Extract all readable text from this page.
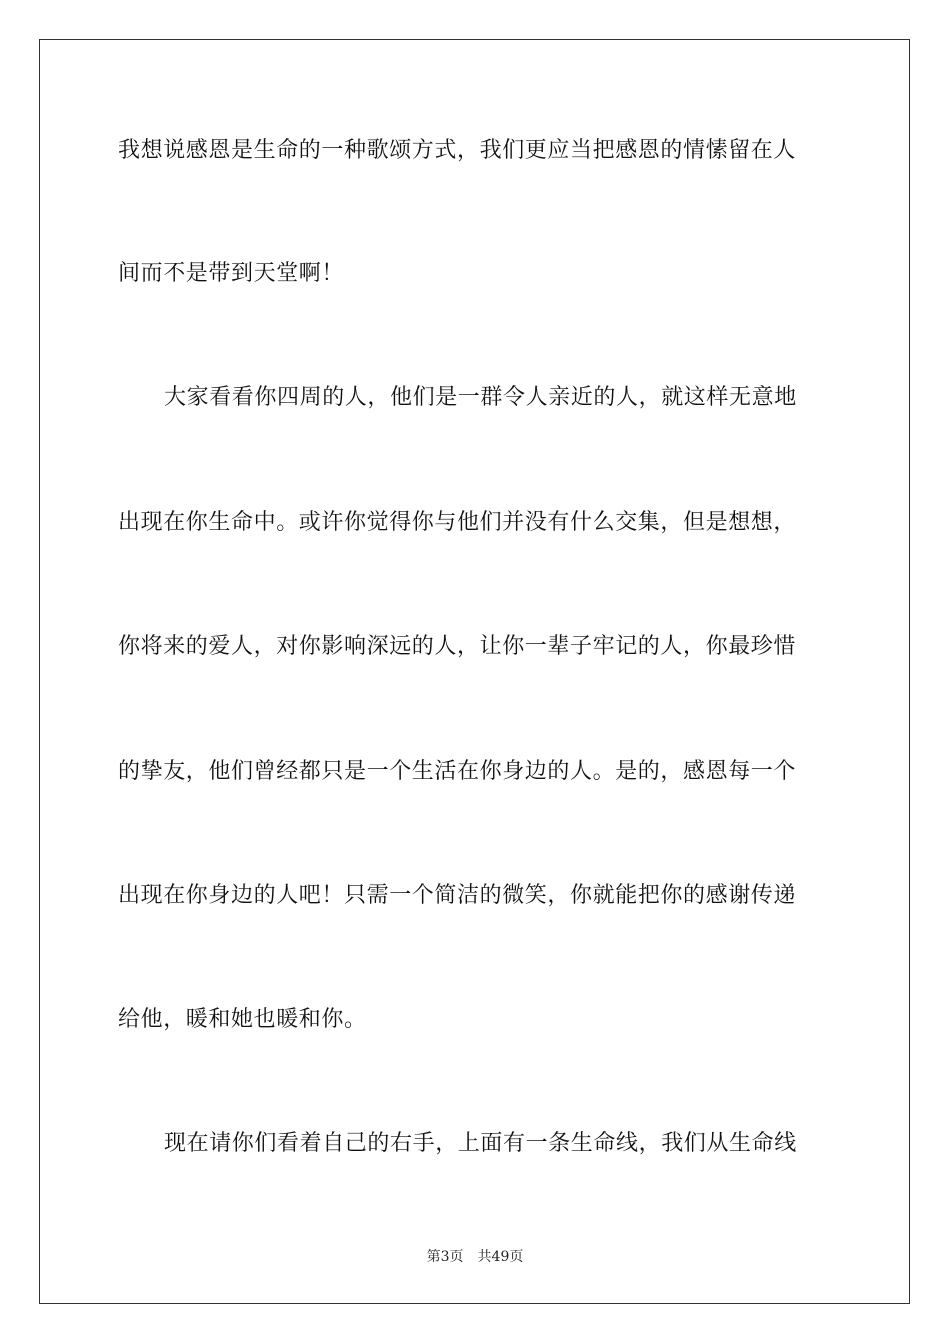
我想说感恩是生命的一种歌颂方式，我们更应当把感恩的情愫留在人
间而不是带到天堂啊！
大家看看你四周的人，他们是一群令人亲近的人，就这样无意地
出现在你生命中。或许你觉得你与他们并没有什么交集，但是想想，
你将来的爱人，对你影响深远的人，让你一辈子牢记的人，你最珍惜
的挚友，他们曾经都只是一个生活在你身边的人。是的，感恩每一个
出现在你身边的人吧！只需一个简洁的微笑，你就能把你的感谢传递
给他，暖和她也暖和你。
现在请你们看着自己的右手，上面有一条生命线，我们从生命线
第3页 共49页
